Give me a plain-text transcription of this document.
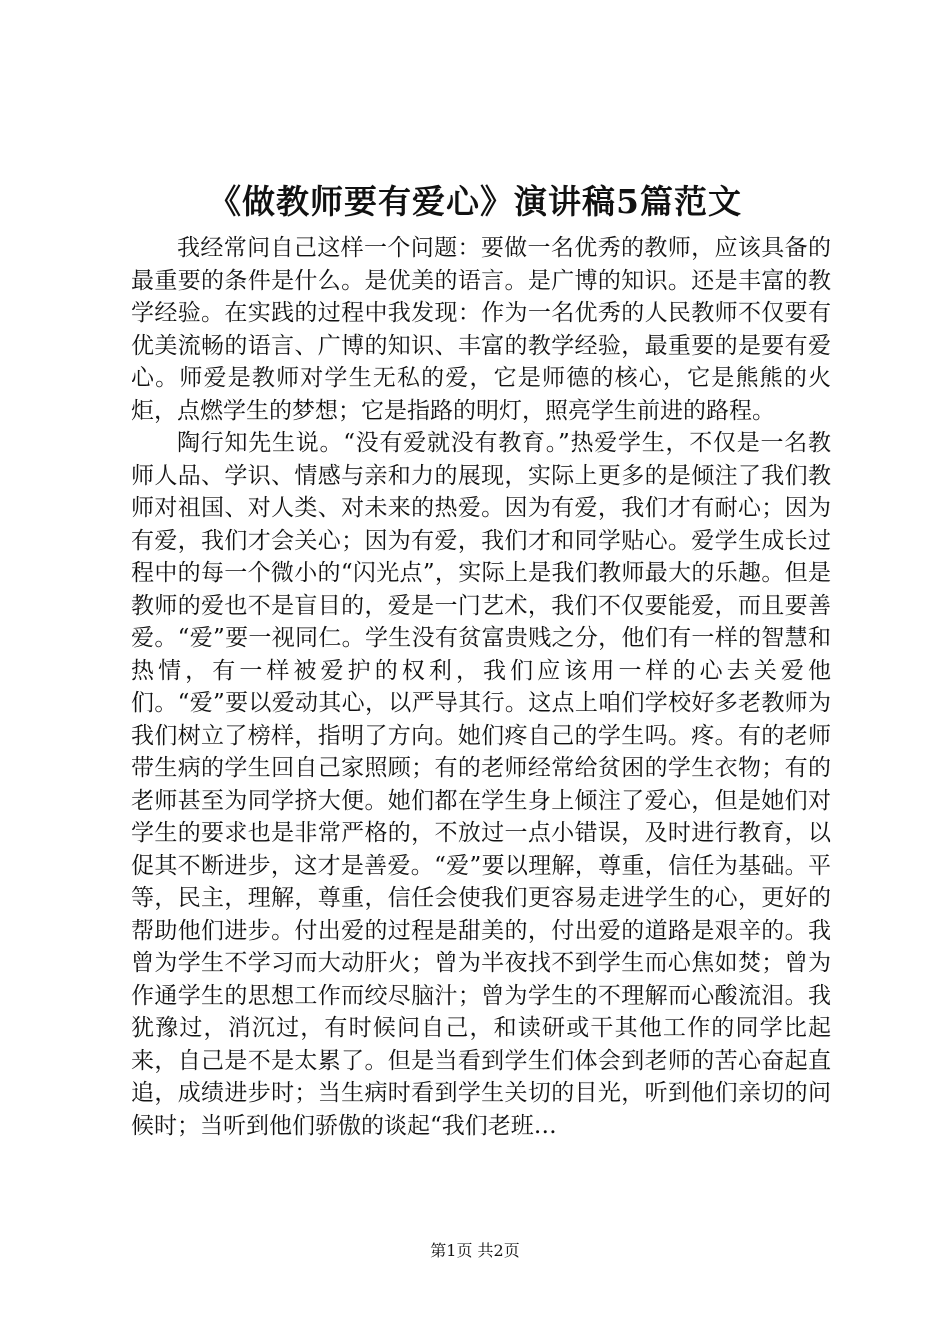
《做教师要有爱心》演讲稿5篇范文

我经常问自己这样一个问题：要做一名优秀的教师，应该具备的最重要的条件是什么。是优美的语言。是广博的知识。还是丰富的教学经验。在实践的过程中我发现：作为一名优秀的人民教师不仅要有优美流畅的语言、广博的知识、丰富的教学经验，最重要的是要有爱心。师爱是教师对学生无私的爱，它是师德的核心，它是熊熊的火炬，点燃学生的梦想；它是指路的明灯，照亮学生前进的路程。

陶行知先生说。“没有爱就没有教育。”热爱学生，不仅是一名教师人品、学识、情感与亲和力的展现，实际上更多的是倾注了我们教师对祖国、对人类、对未来的热爱。因为有爱，我们才有耐心；因为有爱，我们才会关心；因为有爱，我们才和同学贴心。爱学生成长过程中的每一个微小的“闪光点”，实际上是我们教师最大的乐趣。但是教师的爱也不是盲目的，爱是一门艺术，我们不仅要能爱，而且要善爱。“爱”要一视同仁。学生没有贫富贵贱之分，他们有一样的智慧和热情，有一样被爱护的权利，我们应该用一样的心去关爱他们。“爱”要以爱动其心，以严导其行。这点上咱们学校好多老教师为我们树立了榜样，指明了方向。她们疼自己的学生吗。疼。有的老师带生病的学生回自己家照顾；有的老师经常给贫困的学生衣物；有的老师甚至为同学挤大便。她们都在学生身上倾注了爱心，但是她们对学生的要求也是非常严格的，不放过一点小错误，及时进行教育，以促其不断进步，这才是善爱。“爱”要以理解，尊重，信任为基础。平等，民主，理解，尊重，信任会使我们更容易走进学生的心，更好的帮助他们进步。付出爱的过程是甜美的，付出爱的道路是艰辛的。我曾为学生不学习而大动肝火；曾为半夜找不到学生而心焦如焚；曾为作通学生的思想工作而绞尽脑汁；曾为学生的不理解而心酸流泪。我犹豫过，消沉过，有时候问自己，和读研或干其他工作的同学比起来，自己是不是太累了。但是当看到学生们体会到老师的苦心奋起直追，成绩进步时；当生病时看到学生关切的目光，听到他们亲切的问候时；当听到他们骄傲的谈起“我们老班…

第1页 共2页
